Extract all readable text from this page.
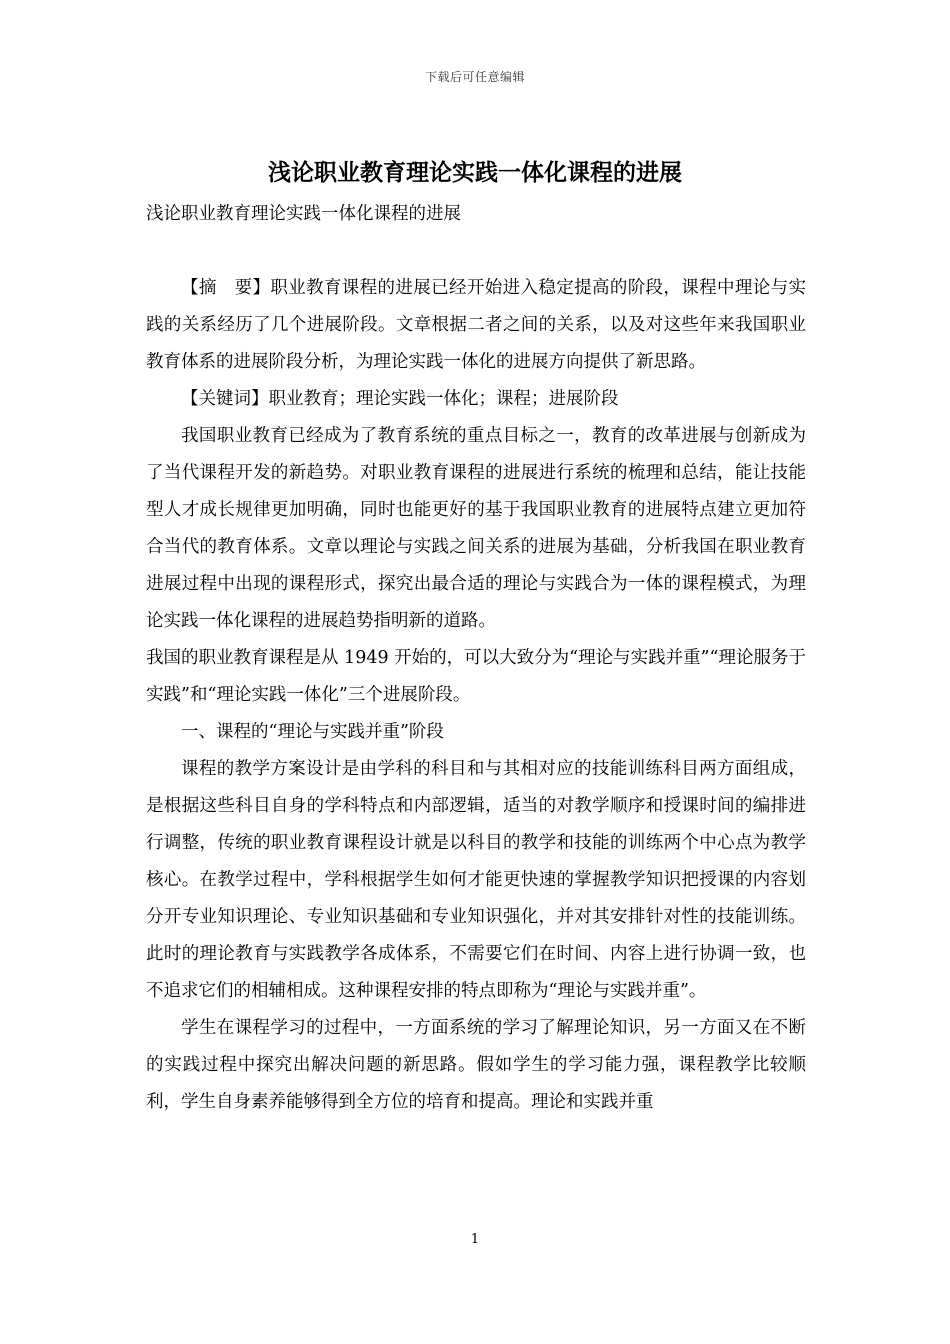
下载后可任意编辑
浅论职业教育理论实践一体化课程的进展

浅论职业教育理论实践一体化课程的进展

【摘　要】职业教育课程的进展已经开始进入稳定提高的阶段，课程中理论与实践的关系经历了几个进展阶段。文章根据二者之间的关系，以及对这些年来我国职业教育体系的进展阶段分析，为理论实践一体化的进展方向提供了新思路。

【关键词】职业教育；理论实践一体化；课程；进展阶段

我国职业教育已经成为了教育系统的重点目标之一，教育的改革进展与创新成为了当代课程开发的新趋势。对职业教育课程的进展进行系统的梳理和总结，能让技能型人才成长规律更加明确，同时也能更好的基于我国职业教育的进展特点建立更加符合当代的教育体系。文章以理论与实践之间关系的进展为基础，分析我国在职业教育进展过程中出现的课程形式，探究出最合适的理论与实践合为一体的课程模式，为理论实践一体化课程的进展趋势指明新的道路。

我国的职业教育课程是从 1949 开始的，可以大致分为“理论与实践并重”“理论服务于实践”和“理论实践一体化”三个进展阶段。

一、课程的“理论与实践并重”阶段

课程的教学方案设计是由学科的科目和与其相对应的技能训练科目两方面组成，是根据这些科目自身的学科特点和内部逻辑，适当的对教学顺序和授课时间的编排进行调整，传统的职业教育课程设计就是以科目的教学和技能的训练两个中心点为教学核心。在教学过程中，学科根据学生如何才能更快速的掌握教学知识把授课的内容划分开专业知识理论、专业知识基础和专业知识强化，并对其安排针对性的技能训练。此时的理论教育与实践教学各成体系，不需要它们在时间、内容上进行协调一致，也不追求它们的相辅相成。这种课程安排的特点即称为“理论与实践并重”。

学生在课程学习的过程中，一方面系统的学习了解理论知识，另一方面又在不断的实践过程中探究出解决问题的新思路。假如学生的学习能力强，课程教学比较顺利，学生自身素养能够得到全方位的培育和提高。理论和实践并重

1
